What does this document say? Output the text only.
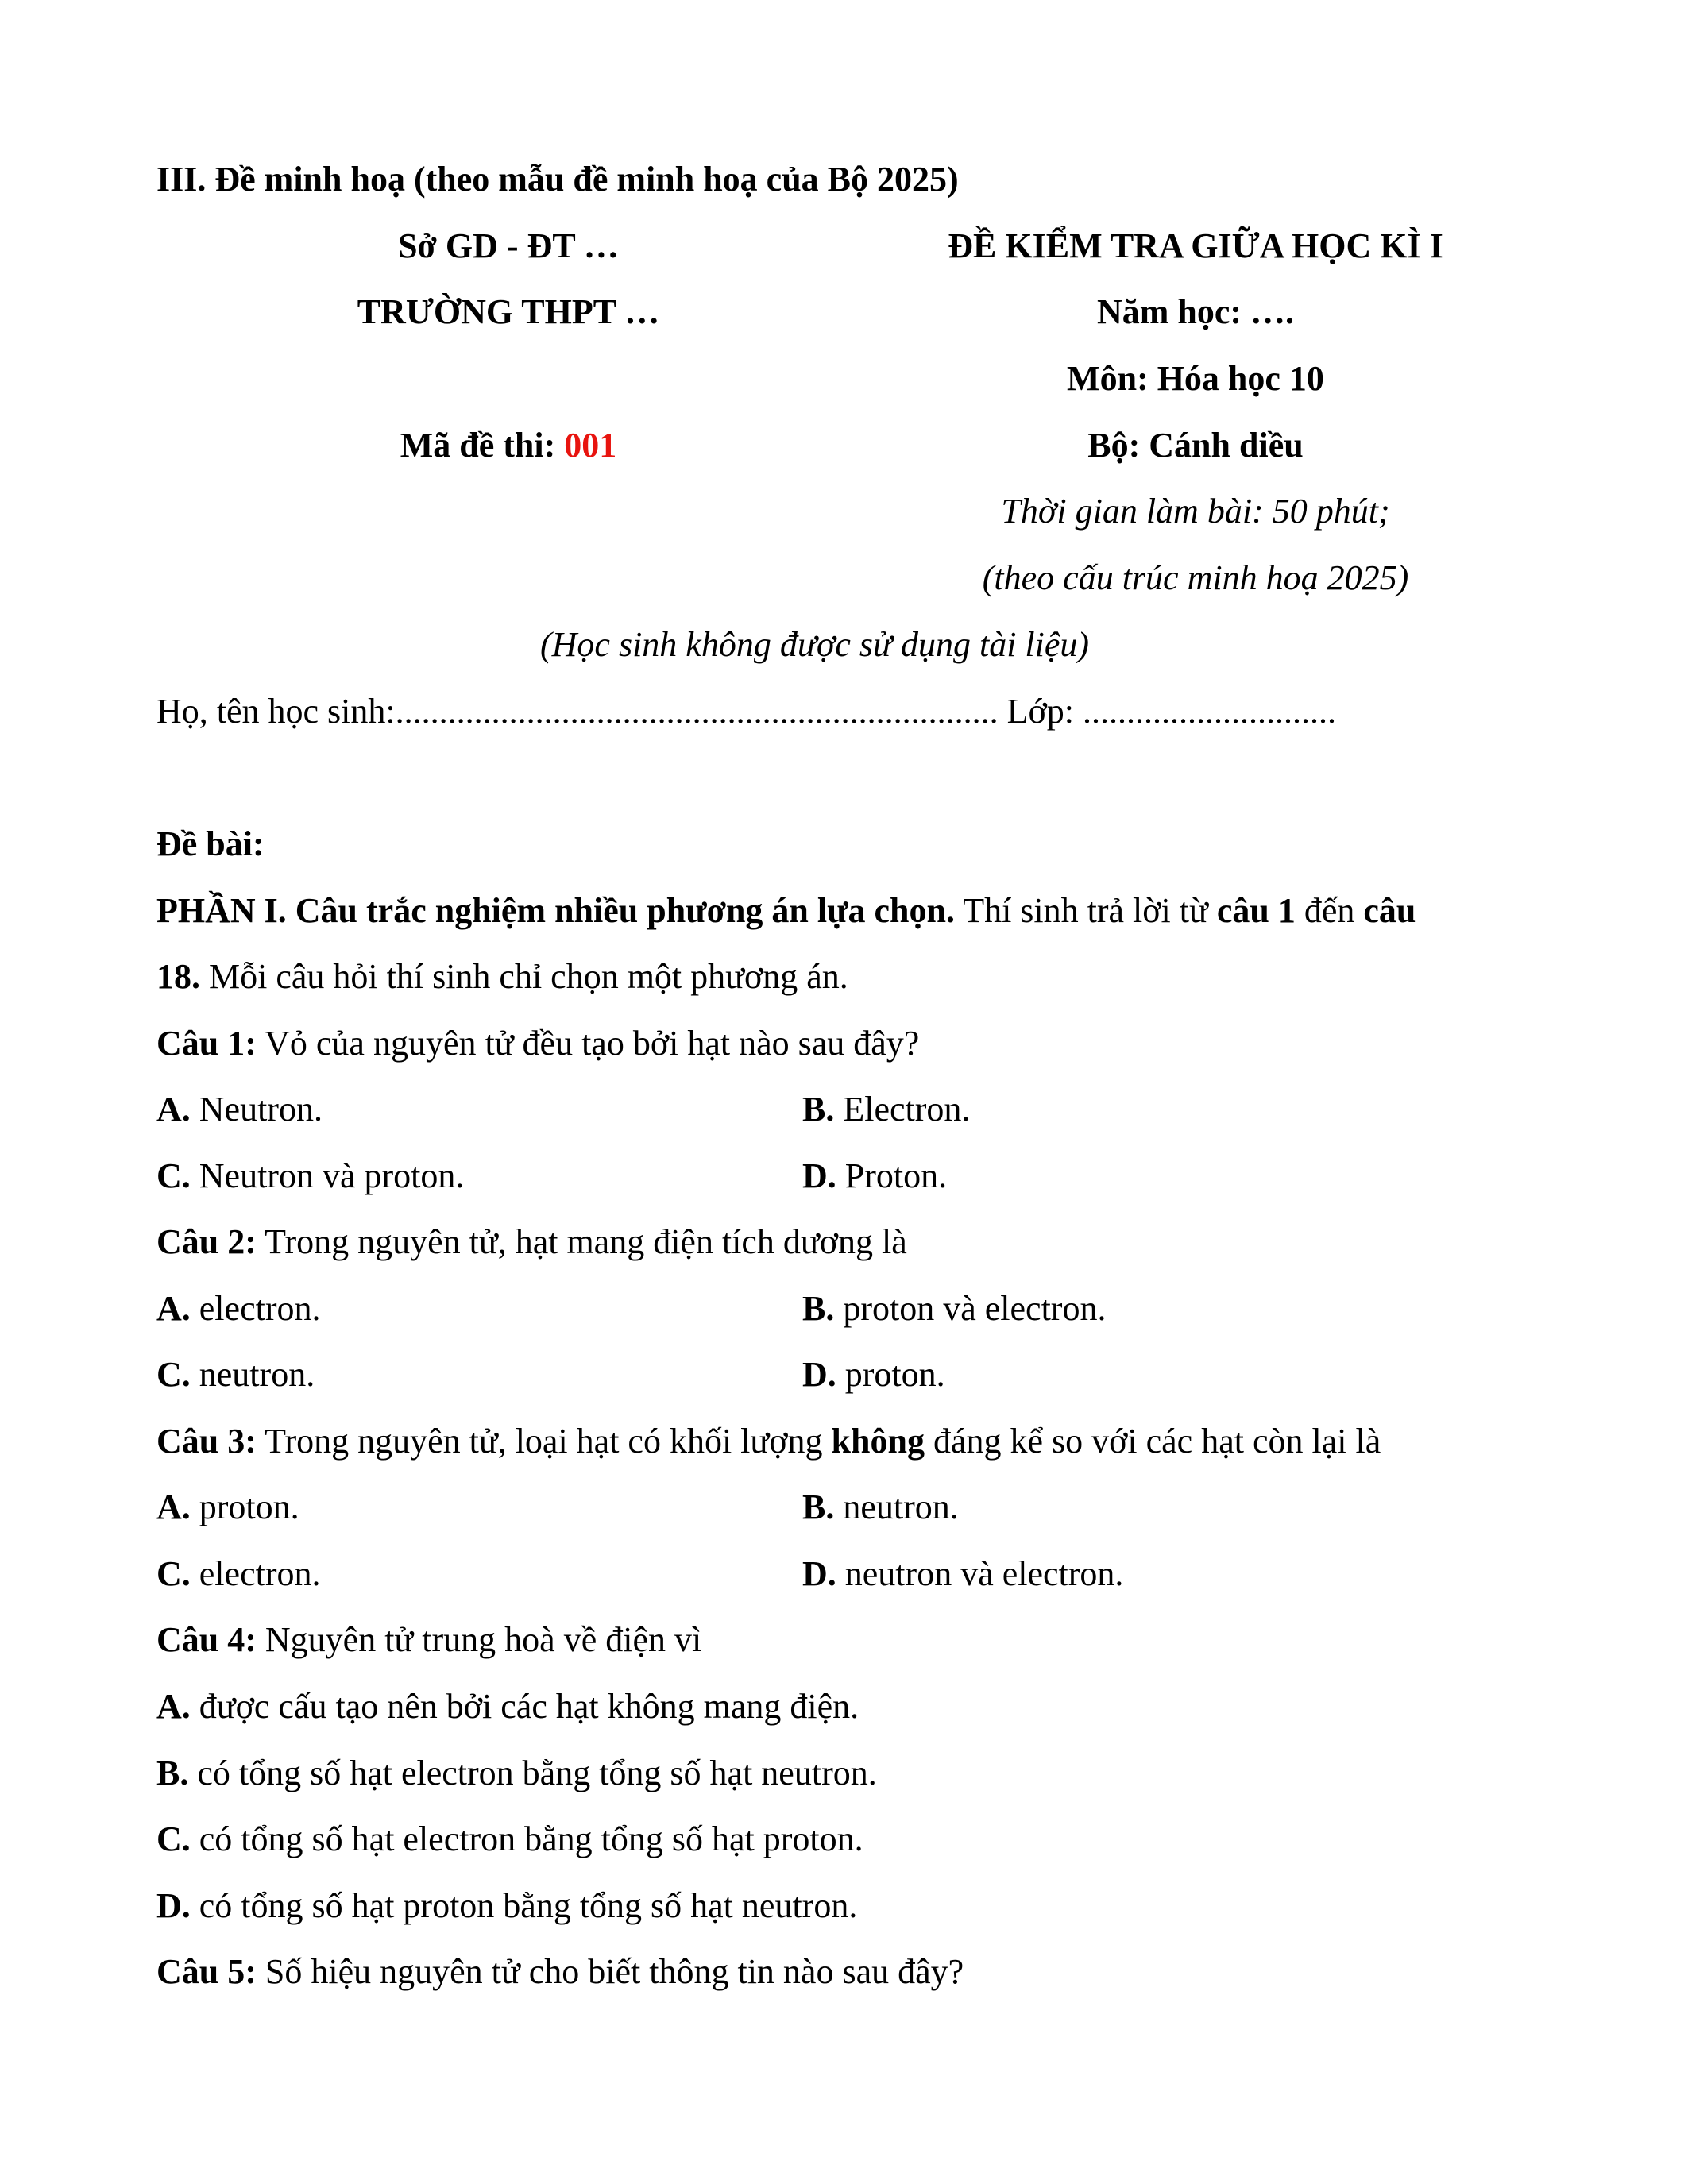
III. Đề minh hoạ (theo mẫu đề minh hoạ của Bộ 2025)
Sở GD - ĐT …	ĐỀ KIỂM TRA GIỮA HỌC KÌ I
TRƯỜNG THPT …	Năm học: ….
Môn: Hóa học 10
Mã đề thi: 001	Bộ: Cánh diều
Thời gian làm bài: 50 phút;
(theo cấu trúc minh hoạ 2025)
(Học sinh không được sử dụng tài liệu)
Họ, tên học sinh:..................................................................... Lớp: .............................
Đề bài:
PHẦN I. Câu trắc nghiệm nhiều phương án lựa chọn. Thí sinh trả lời từ câu 1 đến câu
18. Mỗi câu hỏi thí sinh chỉ chọn một phương án.
Câu 1: Vỏ của nguyên tử đều tạo bởi hạt nào sau đây?
A. Neutron.	B. Electron.
C. Neutron và proton.	D. Proton.
Câu 2: Trong nguyên tử, hạt mang điện tích dương là
A. electron.	B. proton và electron.
C. neutron.	D. proton.
Câu 3: Trong nguyên tử, loại hạt có khối lượng không đáng kể so với các hạt còn lại là
A. proton.	B. neutron.
C. electron.	D. neutron và electron.
Câu 4: Nguyên tử trung hoà về điện vì
A. được cấu tạo nên bởi các hạt không mang điện.
B. có tổng số hạt electron bằng tổng số hạt neutron.
C. có tổng số hạt electron bằng tổng số hạt proton.
D. có tổng số hạt proton bằng tổng số hạt neutron.
Câu 5: Số hiệu nguyên tử cho biết thông tin nào sau đây?
